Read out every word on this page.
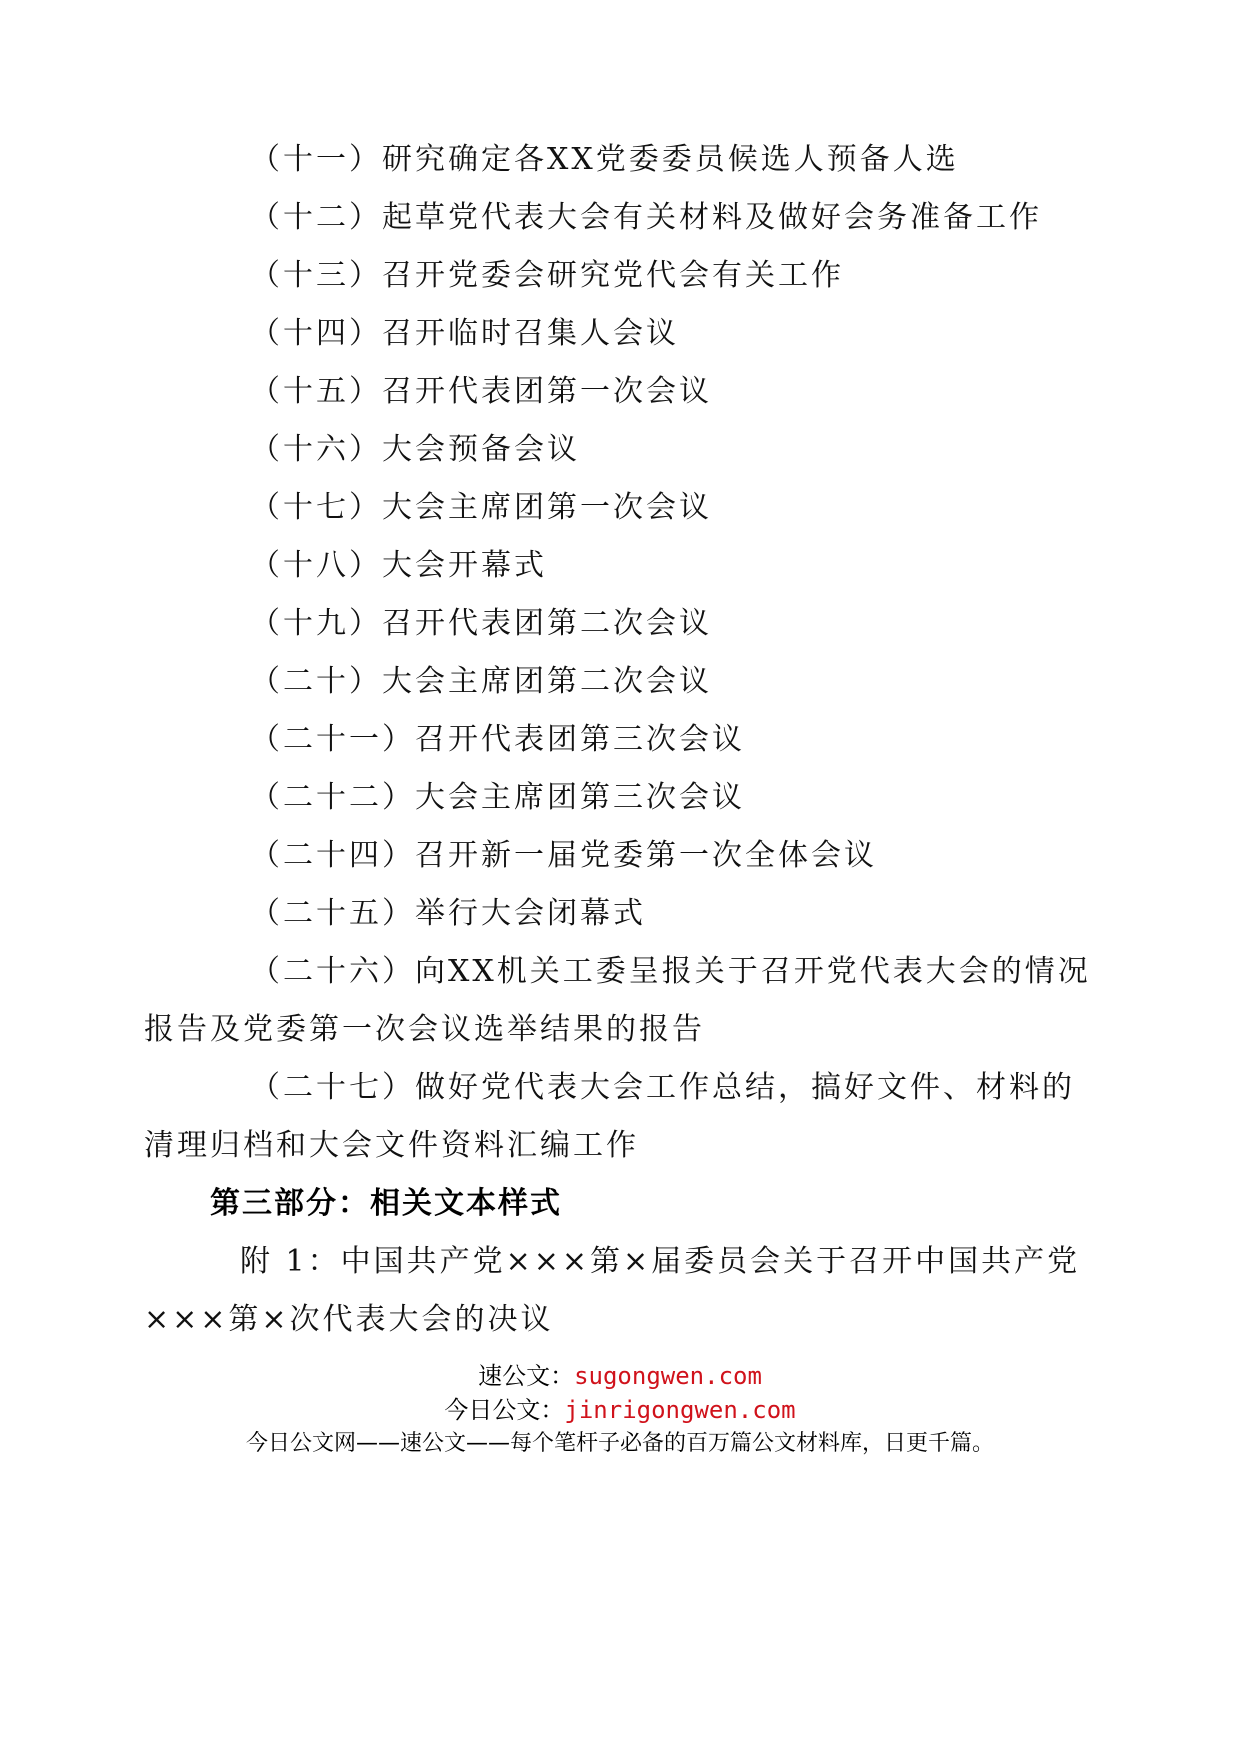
（十一）研究确定各XX党委委员候选人预备人选
（十二）起草党代表大会有关材料及做好会务准备工作
（十三）召开党委会研究党代会有关工作
（十四）召开临时召集人会议
（十五）召开代表团第一次会议
（十六）大会预备会议
（十七）大会主席团第一次会议
（十八）大会开幕式
（十九）召开代表团第二次会议
（二十）大会主席团第二次会议
（二十一）召开代表团第三次会议
（二十二）大会主席团第三次会议
（二十四）召开新一届党委第一次全体会议
（二十五）举行大会闭幕式
（二十六）向XX机关工委呈报关于召开党代表大会的情况
报告及党委第一次会议选举结果的报告
（二十七）做好党代表大会工作总结，搞好文件、材料的
清理归档和大会文件资料汇编工作
第三部分：相关文本样式
附 1：中国共产党×××第×届委员会关于召开中国共产党
×××第×次代表大会的决议
速公文：sugongwen.com
今日公文：jinrigongwen.com
今日公文网——速公文——每个笔杆子必备的百万篇公文材料库，日更千篇。
